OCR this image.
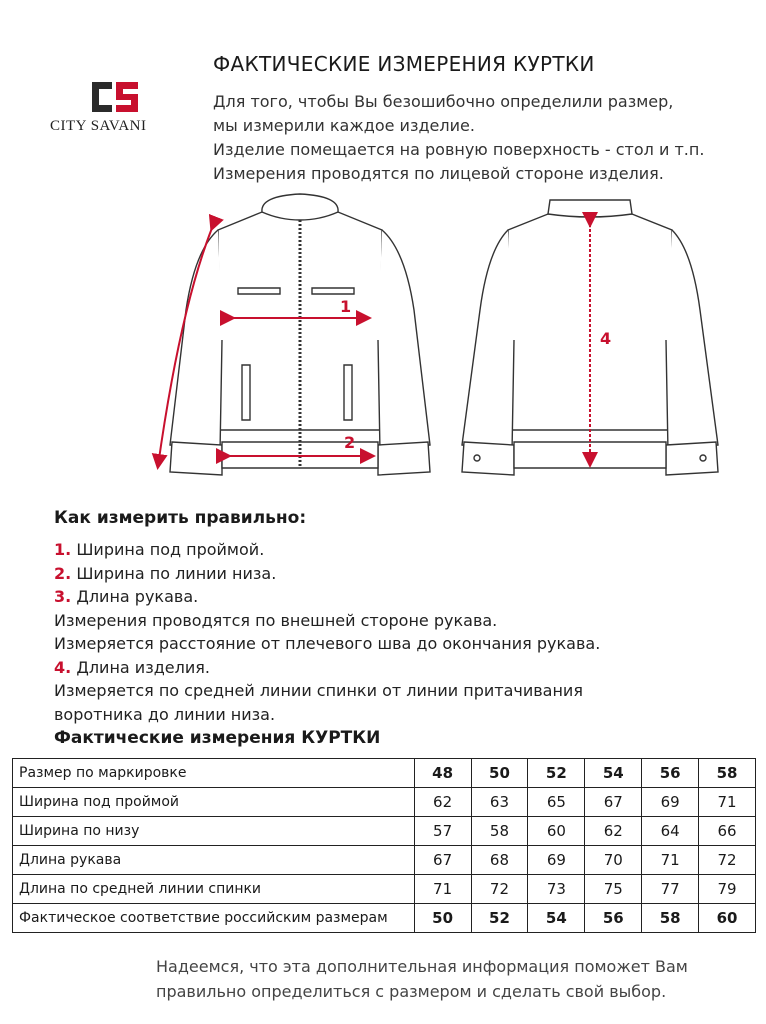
CITY SAVANI
ФАКТИЧЕСКИЕ ИЗМЕРЕНИЯ КУРТКИ
Для того, чтобы Вы безошибочно определили размер,
мы измерили каждое изделие.
Изделие помещается на ровную поверхность - стол и т.п.
Измерения проводятся по лицевой стороне изделия.
1
2
4
Как измерить правильно:
1. Ширина под проймой.
2. Ширина по линии низа.
3. Длина рукава.
Измерения проводятся по внешней стороне рукава.
Измеряется расстояние от плечевого шва до окончания рукава.
4. Длина изделия.
Измеряется по средней линии спинки от линии притачивания
воротника до линии низа.
Фактические измерения КУРТКИ
Размер по маркировке	48	50	52	54	56	58
Ширина под проймой	62	63	65	67	69	71
Ширина по низу	57	58	60	62	64	66
Длина рукава	67	68	69	70	71	72
Длина по средней линии спинки	71	72	73	75	77	79
Фактическое соответствие российским размерам	50	52	54	56	58	60
Надеемся, что эта дополнительная информация поможет Вам
правильно определиться с размером и сделать свой выбор.
